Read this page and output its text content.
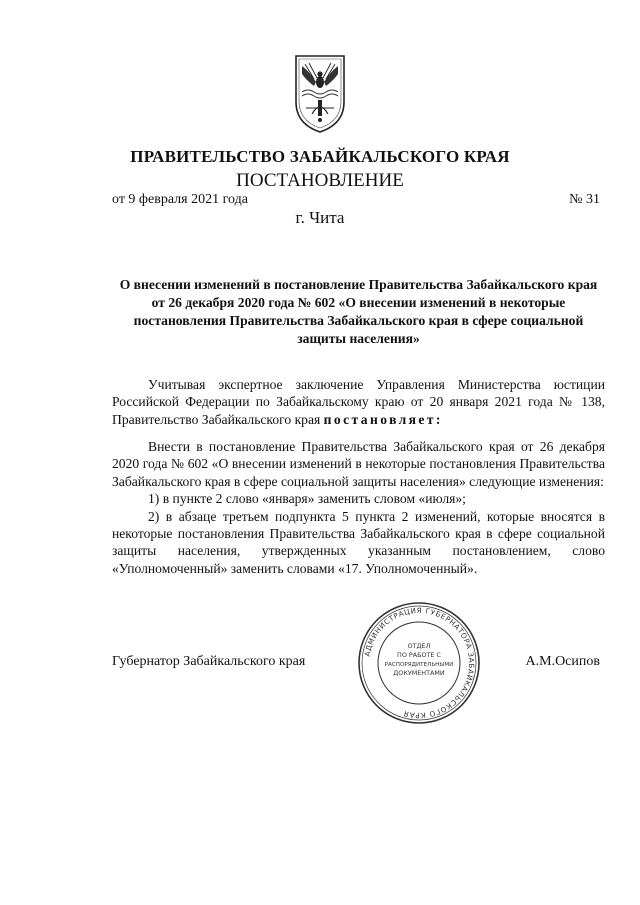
ПРАВИТЕЛЬСТВО ЗАБАЙКАЛЬСКОГО КРАЯ
ПОСТАНОВЛЕНИЕ
от 9 февраля 2021 года	№ 31
г. Чита
О внесении изменений в постановление Правительства Забайкальского края от 26 декабря 2020 года № 602 «О внесении изменений в некоторые постановления Правительства Забайкальского края в сфере социальной защиты населения»

Учитывая экспертное заключение Управления Министерства юстиции Российской Федерации по Забайкальскому краю от 20 января 2021 года № 138, Правительство Забайкальского края постановляет:

Внести в постановление Правительства Забайкальского края от 26 декабря 2020 года № 602 «О внесении изменений в некоторые постановления Правительства Забайкальского края в сфере социальной защиты населения» следующие изменения:

1) в пункте 2 слово «января» заменить словом «июля»;

2) в абзаце третьем подпункта 5 пункта 2 изменений, которые вносятся в некоторые постановления Правительства Забайкальского края в сфере социальной защиты населения, утвержденных указанным постановлением, слово «Уполномоченный» заменить словами «17. Уполномоченный».

Губернатор Забайкальского края	А.М.Осипов
АДМИНИСТРАЦИЯ ГУБЕРНАТОРА ЗАБАЙКАЛЬСКОГО КРАЯ
ОТДЕЛ
ПО РАБОТЕ С
РАСПОРЯДИТЕЛЬНЫМИ
ДОКУМЕНТАМИ
